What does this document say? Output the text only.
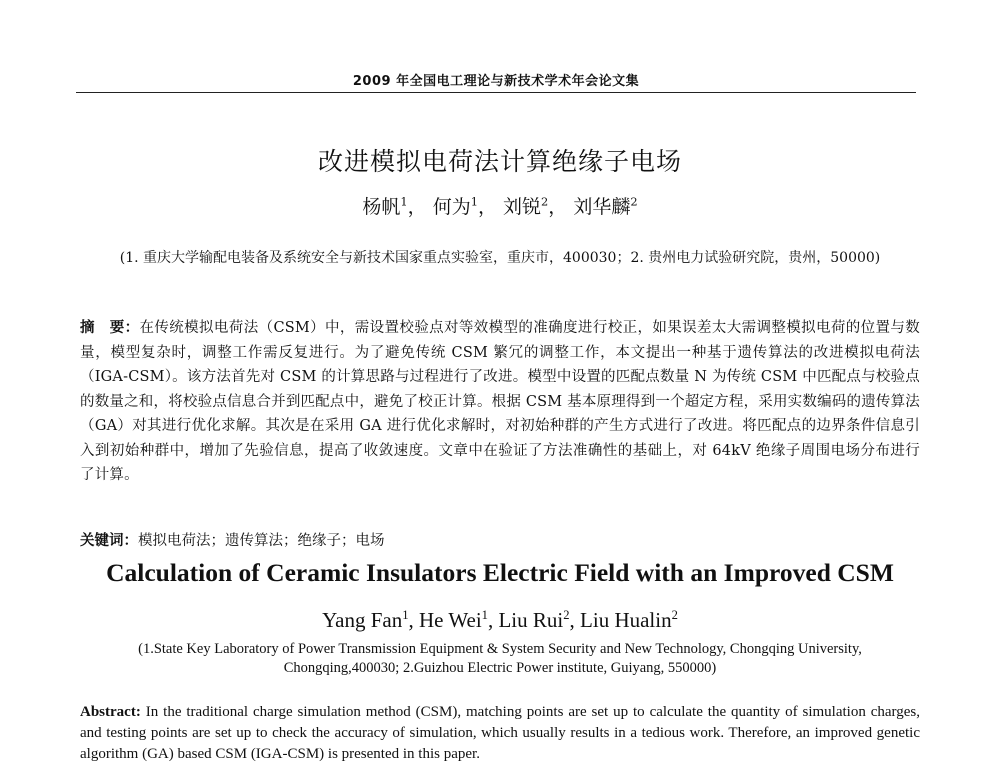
2009 年全国电工理论与新技术学术年会论文集
改进模拟电荷法计算绝缘子电场
杨帆$^1$， 何为$^1$， 刘锐$^2$， 刘华麟$^2$
(1. 重庆大学输配电装备及系统安全与新技术国家重点实验室，重庆市，400030；2. 贵州电力试验研究院，贵州，50000)
摘　要：在传统模拟电荷法（CSM）中，需设置校验点对等效模型的准确度进行校正，如果误差太大需调整模拟电荷的位置与数量，模型复杂时，调整工作需反复进行。为了避免传统 CSM 繁冗的调整工作，本文提出一种基于遗传算法的改进模拟电荷法（IGA-CSM）。该方法首先对 CSM 的计算思路与过程进行了改进。模型中设置的匹配点数量 N 为传统 CSM 中匹配点与校验点的数量之和，将校验点信息合并到匹配点中，避免了校正计算。根据 CSM 基本原理得到一个超定方程，采用实数编码的遗传算法（GA）对其进行优化求解。其次是在采用 GA 进行优化求解时，对初始种群的产生方式进行了改进。将匹配点的边界条件信息引入到初始种群中，增加了先验信息，提高了收敛速度。文章中在验证了方法准确性的基础上，对 64kV 绝缘子周围电场分布进行了计算。
关键词：模拟电荷法；遗传算法；绝缘子；电场
Calculation of Ceramic Insulators Electric Field with an Improved CSM
Yang Fan$^1$, He Wei$^1$, Liu Rui$^2$, Liu Hualin$^2$
(1.State Key Laboratory of Power Transmission Equipment & System Security and New Technology, Chongqing University, Chongqing,400030; 2.Guizhou Electric Power institute, Guiyang, 550000)
Abstract: In the traditional charge simulation method (CSM), matching points are set up to calculate the quantity of simulation charges, and testing points are set up to check the accuracy of simulation, which usually results in a tedious work. Therefore, an improved genetic algorithm (GA) based CSM (IGA-CSM) is presented in this paper.
